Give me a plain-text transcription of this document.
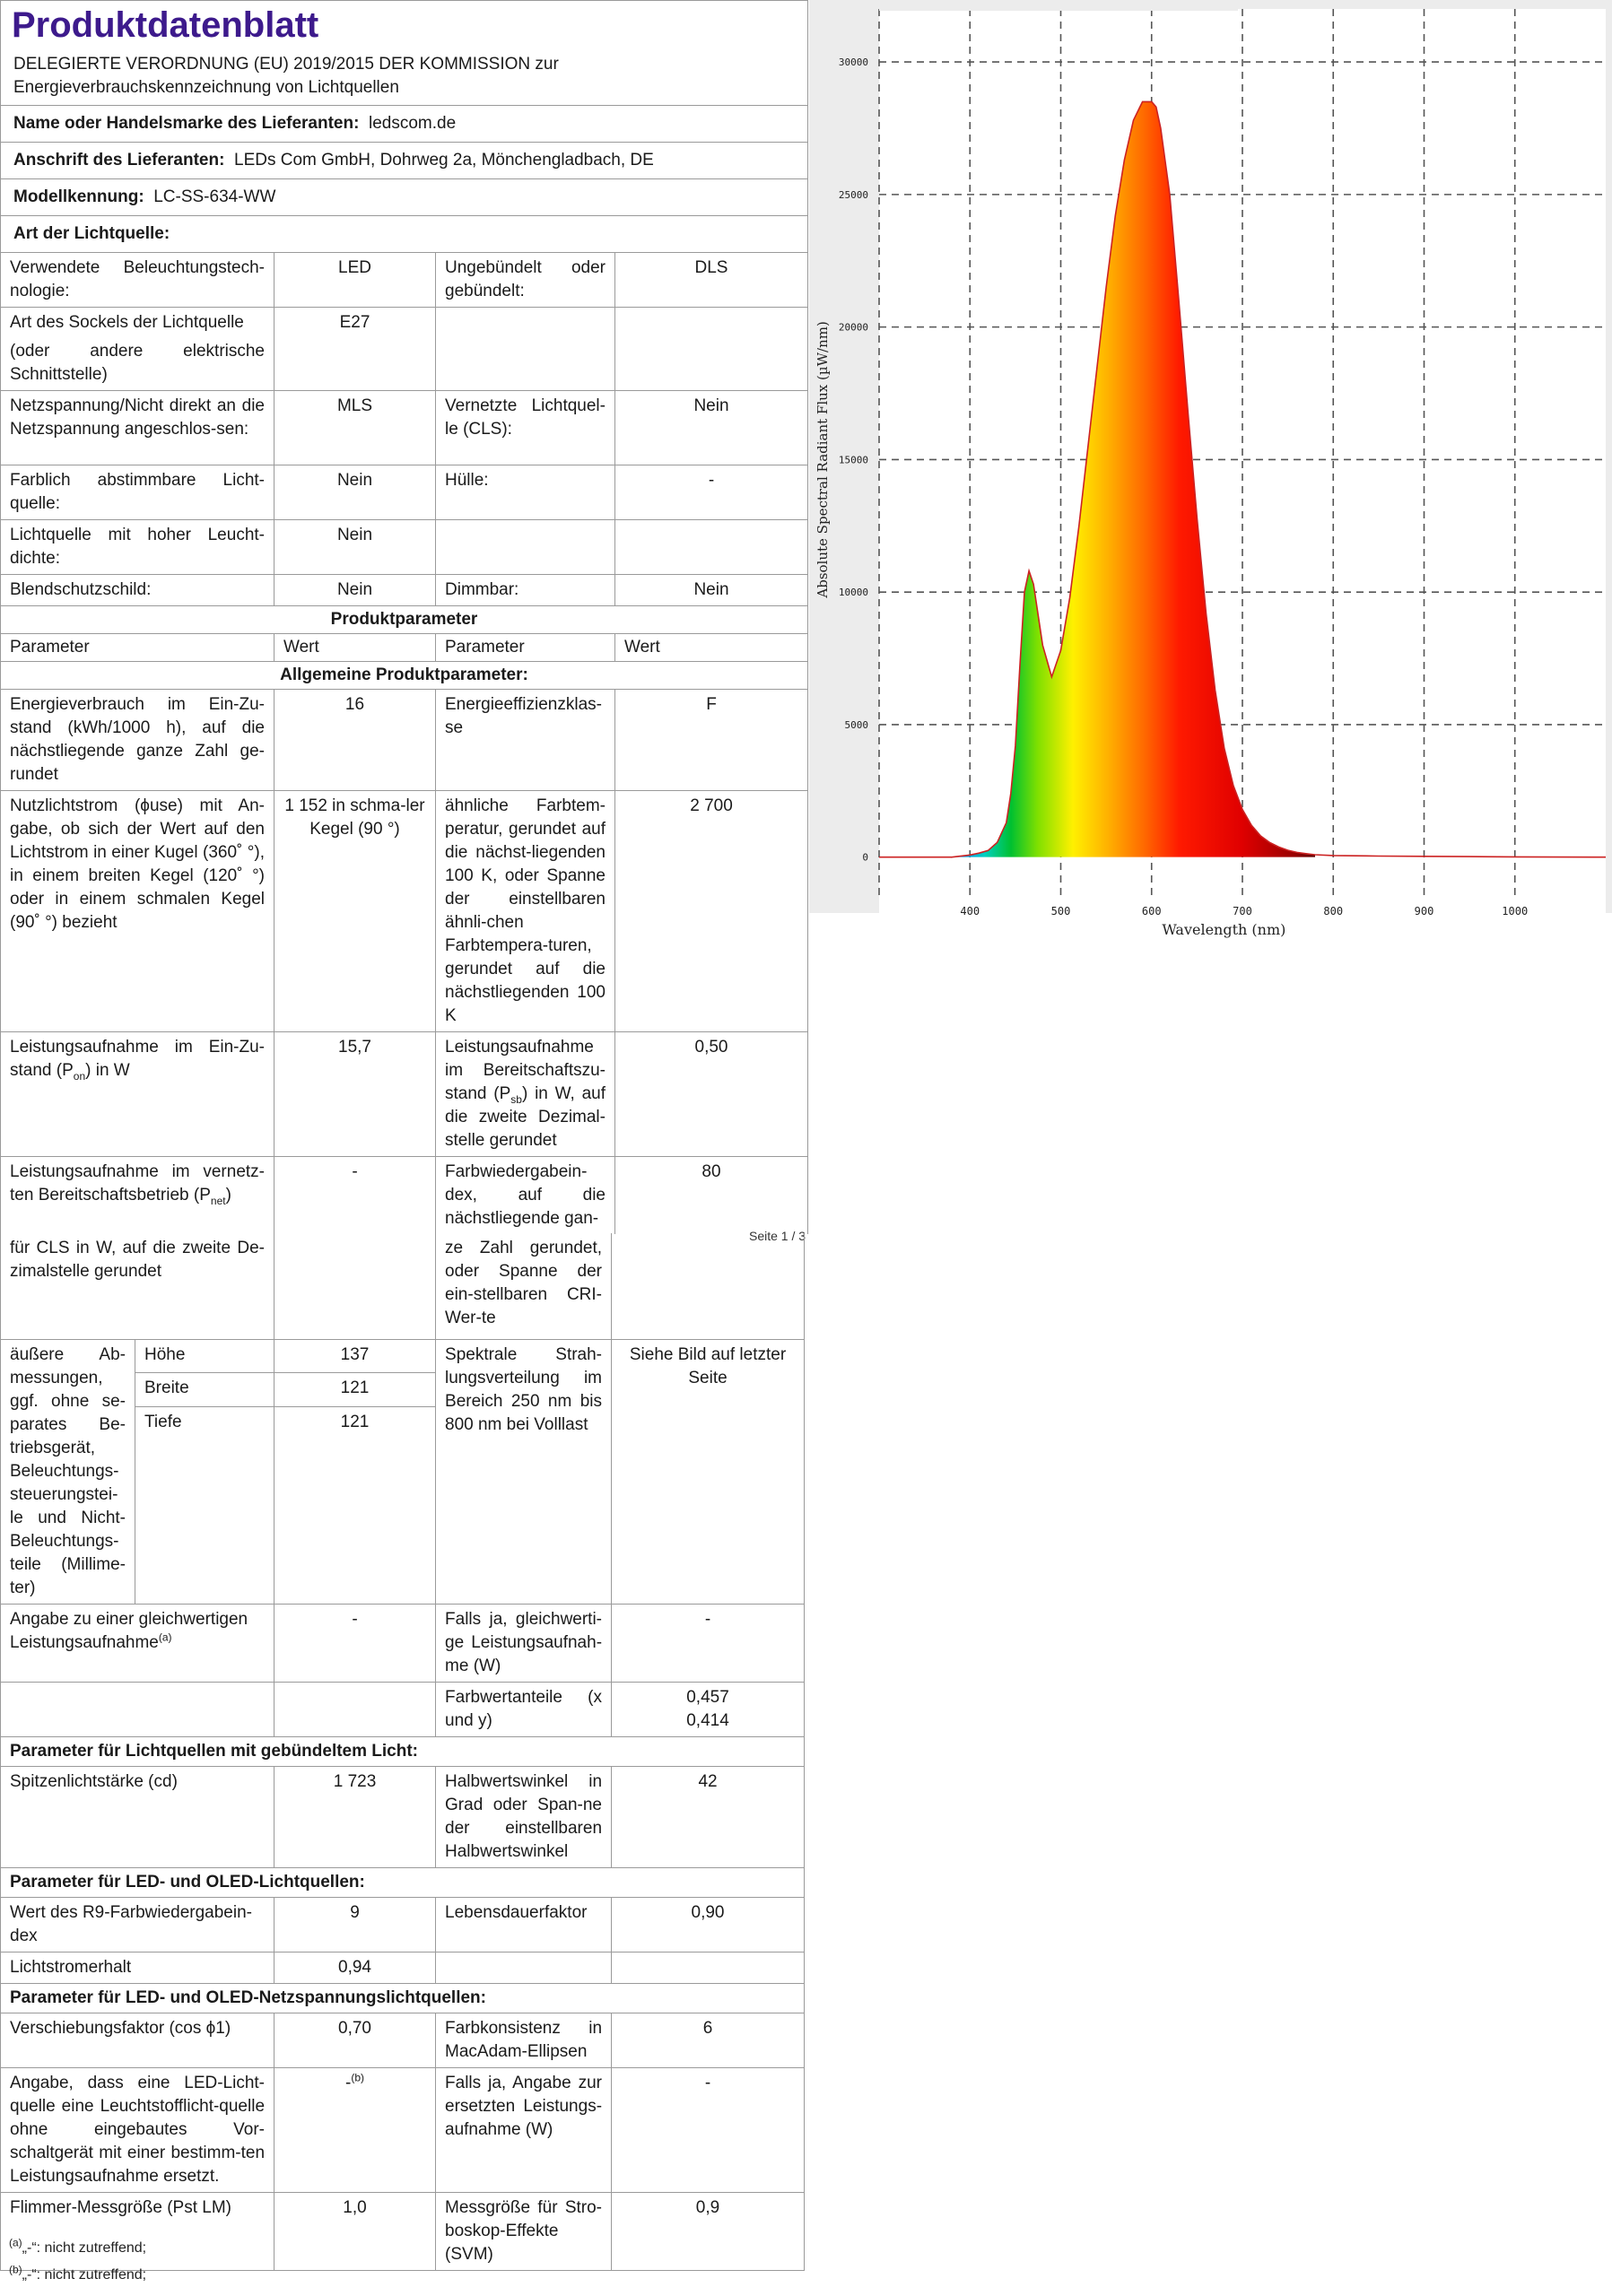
Produktdatenblatt
DELEGIERTE VERORDNUNG (EU) 2019/2015 DER KOMMISSION zur Energieverbrauchskennzeichnung von Lichtquellen			

Name oder Handelsmarke des Lieferanten: ledscom.de			
Anschrift des Lieferanten: LEDs Com GmbH, Dohrweg 2a, Mönchengladbach, DE			
Modellkennung: LC-SS-634-WW			
Art der Lichtquelle:			
Verwendete Beleuchtungstech-nologie:	LED	Ungebündelt oder gebündelt:	DLS

Art des Sockels der Lichtquelle
(oder andere elektrische Schnittstelle)	E27		
Netzspannung/Nicht direkt an die Netzspannung angeschlos-sen:	MLS	Vernetzte Lichtquel-le (CLS):	Nein
Farblich abstimmbare Licht-quelle:	Nein	Hülle:	-
Lichtquelle mit hoher Leucht-dichte:	Nein		
Blendschutzschild:	Nein	Dimmbar:	Nein
Produktparameter			
Parameter	Wert	Parameter	Wert
Allgemeine Produktparameter:			
Energieverbrauch im Ein-Zu-stand (kWh/1000 h), auf die nächstliegende ganze Zahl ge-rundet	16	Energieeffizienzklas-se	F
Nutzlichtstrom (ϕuse) mit An-gabe, ob sich der Wert auf den Lichtstrom in einer Kugel (360˚ °), in einem breiten Kegel (120˚ °) oder in einem schmalen Kegel (90˚ °) bezieht	1 152 in schma-ler Kegel (90 °)	ähnliche Farbtem-peratur, gerundet auf die nächst-liegenden 100 K, oder Spanne der einstellbaren ähnli-chen Farbtempera-turen, gerundet auf die nächstliegenden 100 K	2 700
Leistungsaufnahme im Ein-Zu-stand $(P_{on})$ in W	15,7	Leistungsaufnahme im Bereitschaftszu-stand $(P_{sb})$ in W, auf die zweite Dezimal-stelle gerundet	0,50
Leistungsaufnahme im vernetz-ten Bereitschaftsbetrieb $(P_{net})$	-	Farbwiedergabein-dex, auf die nächstliegende gan-	80
Seite 1 / 3
für CLS in W, auf die zweite De-zimalstelle gerundet			ze Zahl gerundet, oder Spanne der ein-stellbaren CRI-Wer-te	
äußere Ab-messungen, ggf. ohne se-parates Be-triebsgerät, Beleuchtungs-steuerungstei-le und Nicht-Beleuchtungs-teile (Millime-ter)	Höhe	137	Spektrale Strah-lungsverteilung im Bereich 250 nm bis 800 nm bei Volllast	Siehe Bild auf letzter Seite
	Breite	121		
	Tiefe	121		
Angabe zu einer gleichwertigen Leistungsaufnahme$^{(a)}$		-	Falls ja, gleichwerti-ge Leistungsaufnah-me (W)	-
			Farbwertanteile (x und y)	0,457
0,414

Parameter für Lichtquellen mit gebündeltem Licht:				
Spitzenlichtstärke (cd)		1 723	Halbwertswinkel in Grad oder Span-ne der einstellbaren Halbwertswinkel	42
Parameter für LED- und OLED-Lichtquellen:				
Wert des R9-Farbwiedergabein-dex		9	Lebensdauerfaktor	0,90
Lichtstromerhalt		0,94		
Parameter für LED- und OLED-Netzspannungslichtquellen:				
Verschiebungsfaktor (cos ϕ1)		0,70	Farbkonsistenz in MacAdam-Ellipsen	6
Angabe, dass eine LED-Licht-quelle eine Leuchtstofflicht-quelle ohne eingebautes Vor-schaltgerät mit einer bestimm-ten Leistungsaufnahme ersetzt.		-$^{(b)}$	Falls ja, Angabe zur ersetzten Leistungs-aufnahme (W)	-
Flimmer-Messgröße (Pst LM)		1,0	Messgröße für Stro-boskop-Effekte (SVM)	0,9
$^{(a)}$„-“: nicht zutreffend;
$^{(b)}$„-“: nicht zutreffend;
400	500	600	700	800	900	1000
0
5000
10000
15000
20000
25000
30000
Wavelength (nm)
Absolute Spectral Radiant Flux (µW/nm)
